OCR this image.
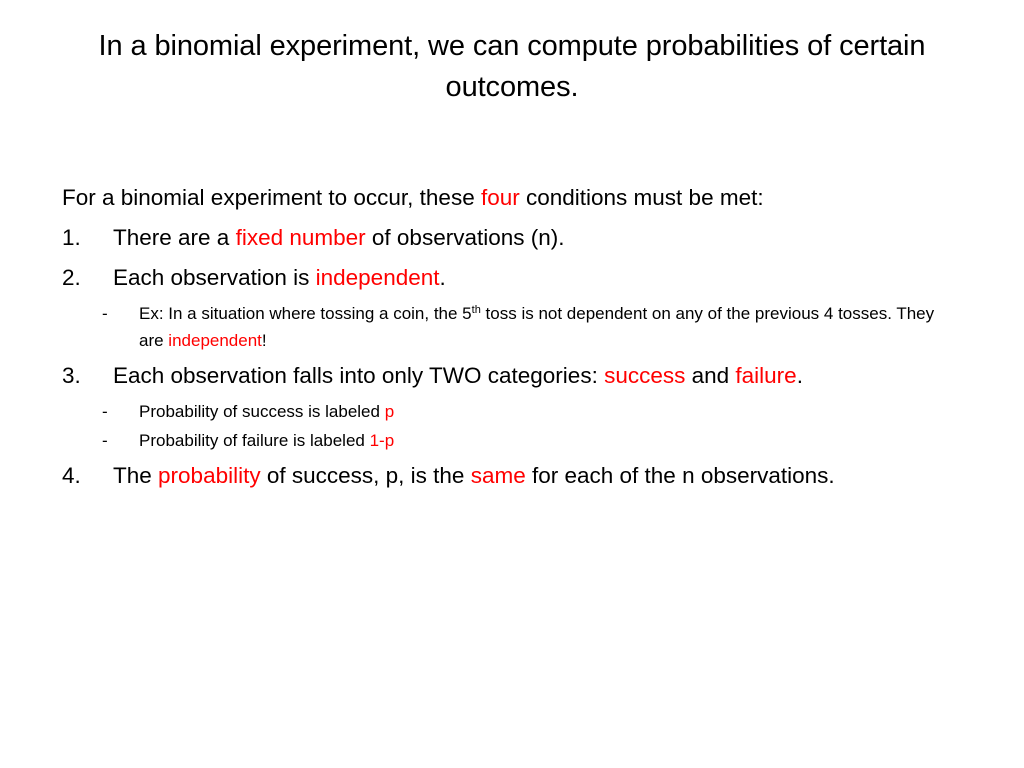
In a binomial experiment, we can compute probabilities of certain outcomes.
For a binomial experiment to occur, these four conditions must be met:
1.	There are a fixed number of observations (n).
2.	Each observation is independent.
-	Ex: In a situation where tossing a coin, the 5th toss is not dependent on any of the previous 4 tosses. They are independent!
3.	Each observation falls into only TWO categories: success and failure.
-	Probability of success is labeled p
-	Probability of failure is labeled 1-p
4.	The probability of success, p, is the same for each of the n observations.
